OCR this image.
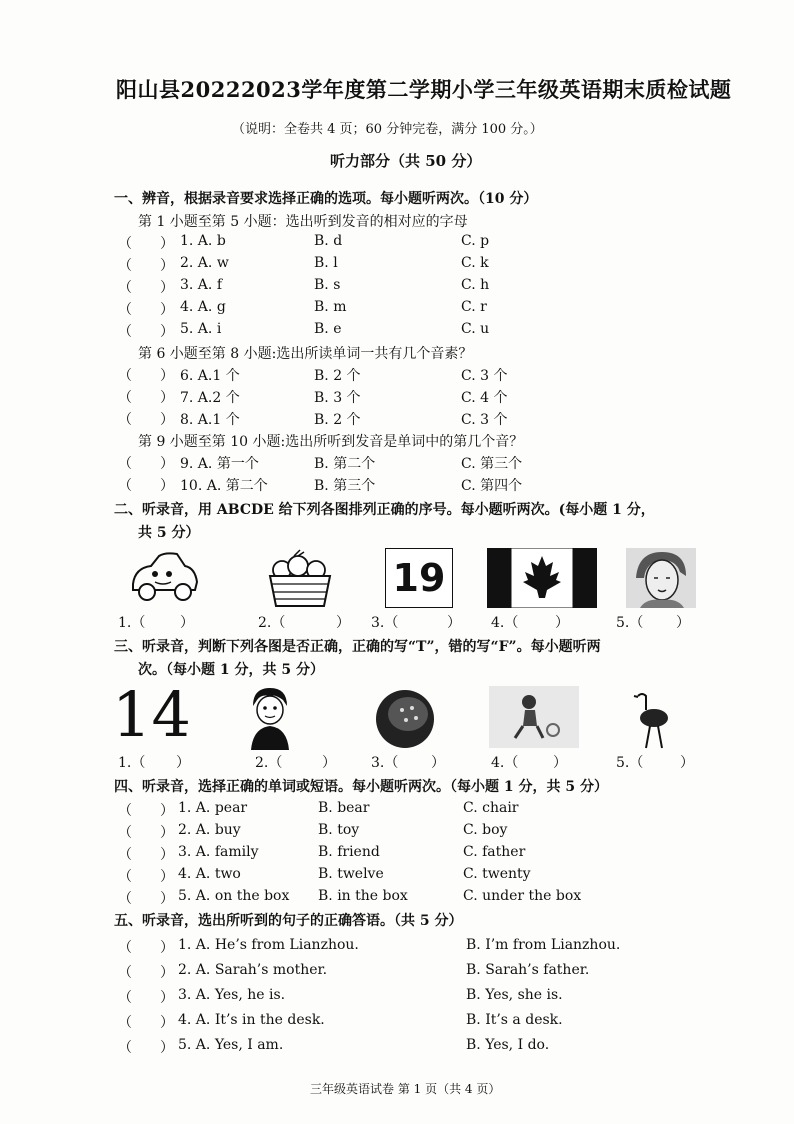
阳山县20222023学年度第二学期小学三年级英语期末质检试题
（说明：全卷共 4 页；60 分钟完卷，满分 100 分。）
听力部分（共 50 分）
一、辨音，根据录音要求选择正确的选项。每小题听两次。（10 分）
第 1 小题至第 5 小题：选出听到发音的相对应的字母
（ ） 1. A. b	B. d	C. p
（ ） 2. A. w	B. l	C. k
（ ） 3. A. f	B. s	C. h
（ ） 4. A. g	B. m	C. r
（ ） 5. A. i	B. e	C. u
第 6 小题至第 8 小题:选出所读单词一共有几个音素？
（ ） 6. A.1 个	B. 2 个	C. 3 个
（ ） 7. A.2 个	B. 3 个	C. 4 个
（ ） 8. A.1 个	B. 2 个	C. 3 个
第 9 小题至第 10 小题:选出所听到发音是单词中的第几个音？
（ ） 9. A. 第一个	B. 第二个	C. 第三个
（ ） 10. A. 第二个	B. 第三个	C. 第四个
二、听录音，用 ABCDE 给下列各图排列正确的序号。每小题听两次。(每小题 1 分，
共 5 分）
19
1.（ ）	2.（	） 3.（	） 4.（	）	5.（ ）
三、听录音，判断下列各图是否正确，正确的写“T”，错的写“F”。每小题听两
次。（每小题 1 分，共 5 分）
14
1.（ ）	2.（	）	3.（ ）	4.（ ）	5.（	）
四、听录音，选择正确的单词或短语。每小题听两次。（每小题 1 分，共 5 分）
（ ） 1. A. pear	B. bear	C. chair
（ ） 2. A. buy	B. toy	C. boy
（ ） 3. A. family	B. friend	C. father
（ ） 4. A. two	B. twelve	C. twenty
（ ） 5. A. on the box B. in the box	C. under the box
五、听录音，选出所听到的句子的正确答语。（共 5 分）
（ ） 1. A. He’s from Lianzhou.	B. I’m from Lianzhou.
（ ） 2. A. Sarah’s mother.	B. Sarah’s father.
（ ） 3. A. Yes, he is.	B. Yes, she is.
（ ） 4. A. It’s in the desk.	B. It’s a desk.
（ ） 5. A. Yes, I am.	B. Yes, I do.
三年级英语试卷 第 1 页（共 4 页）
